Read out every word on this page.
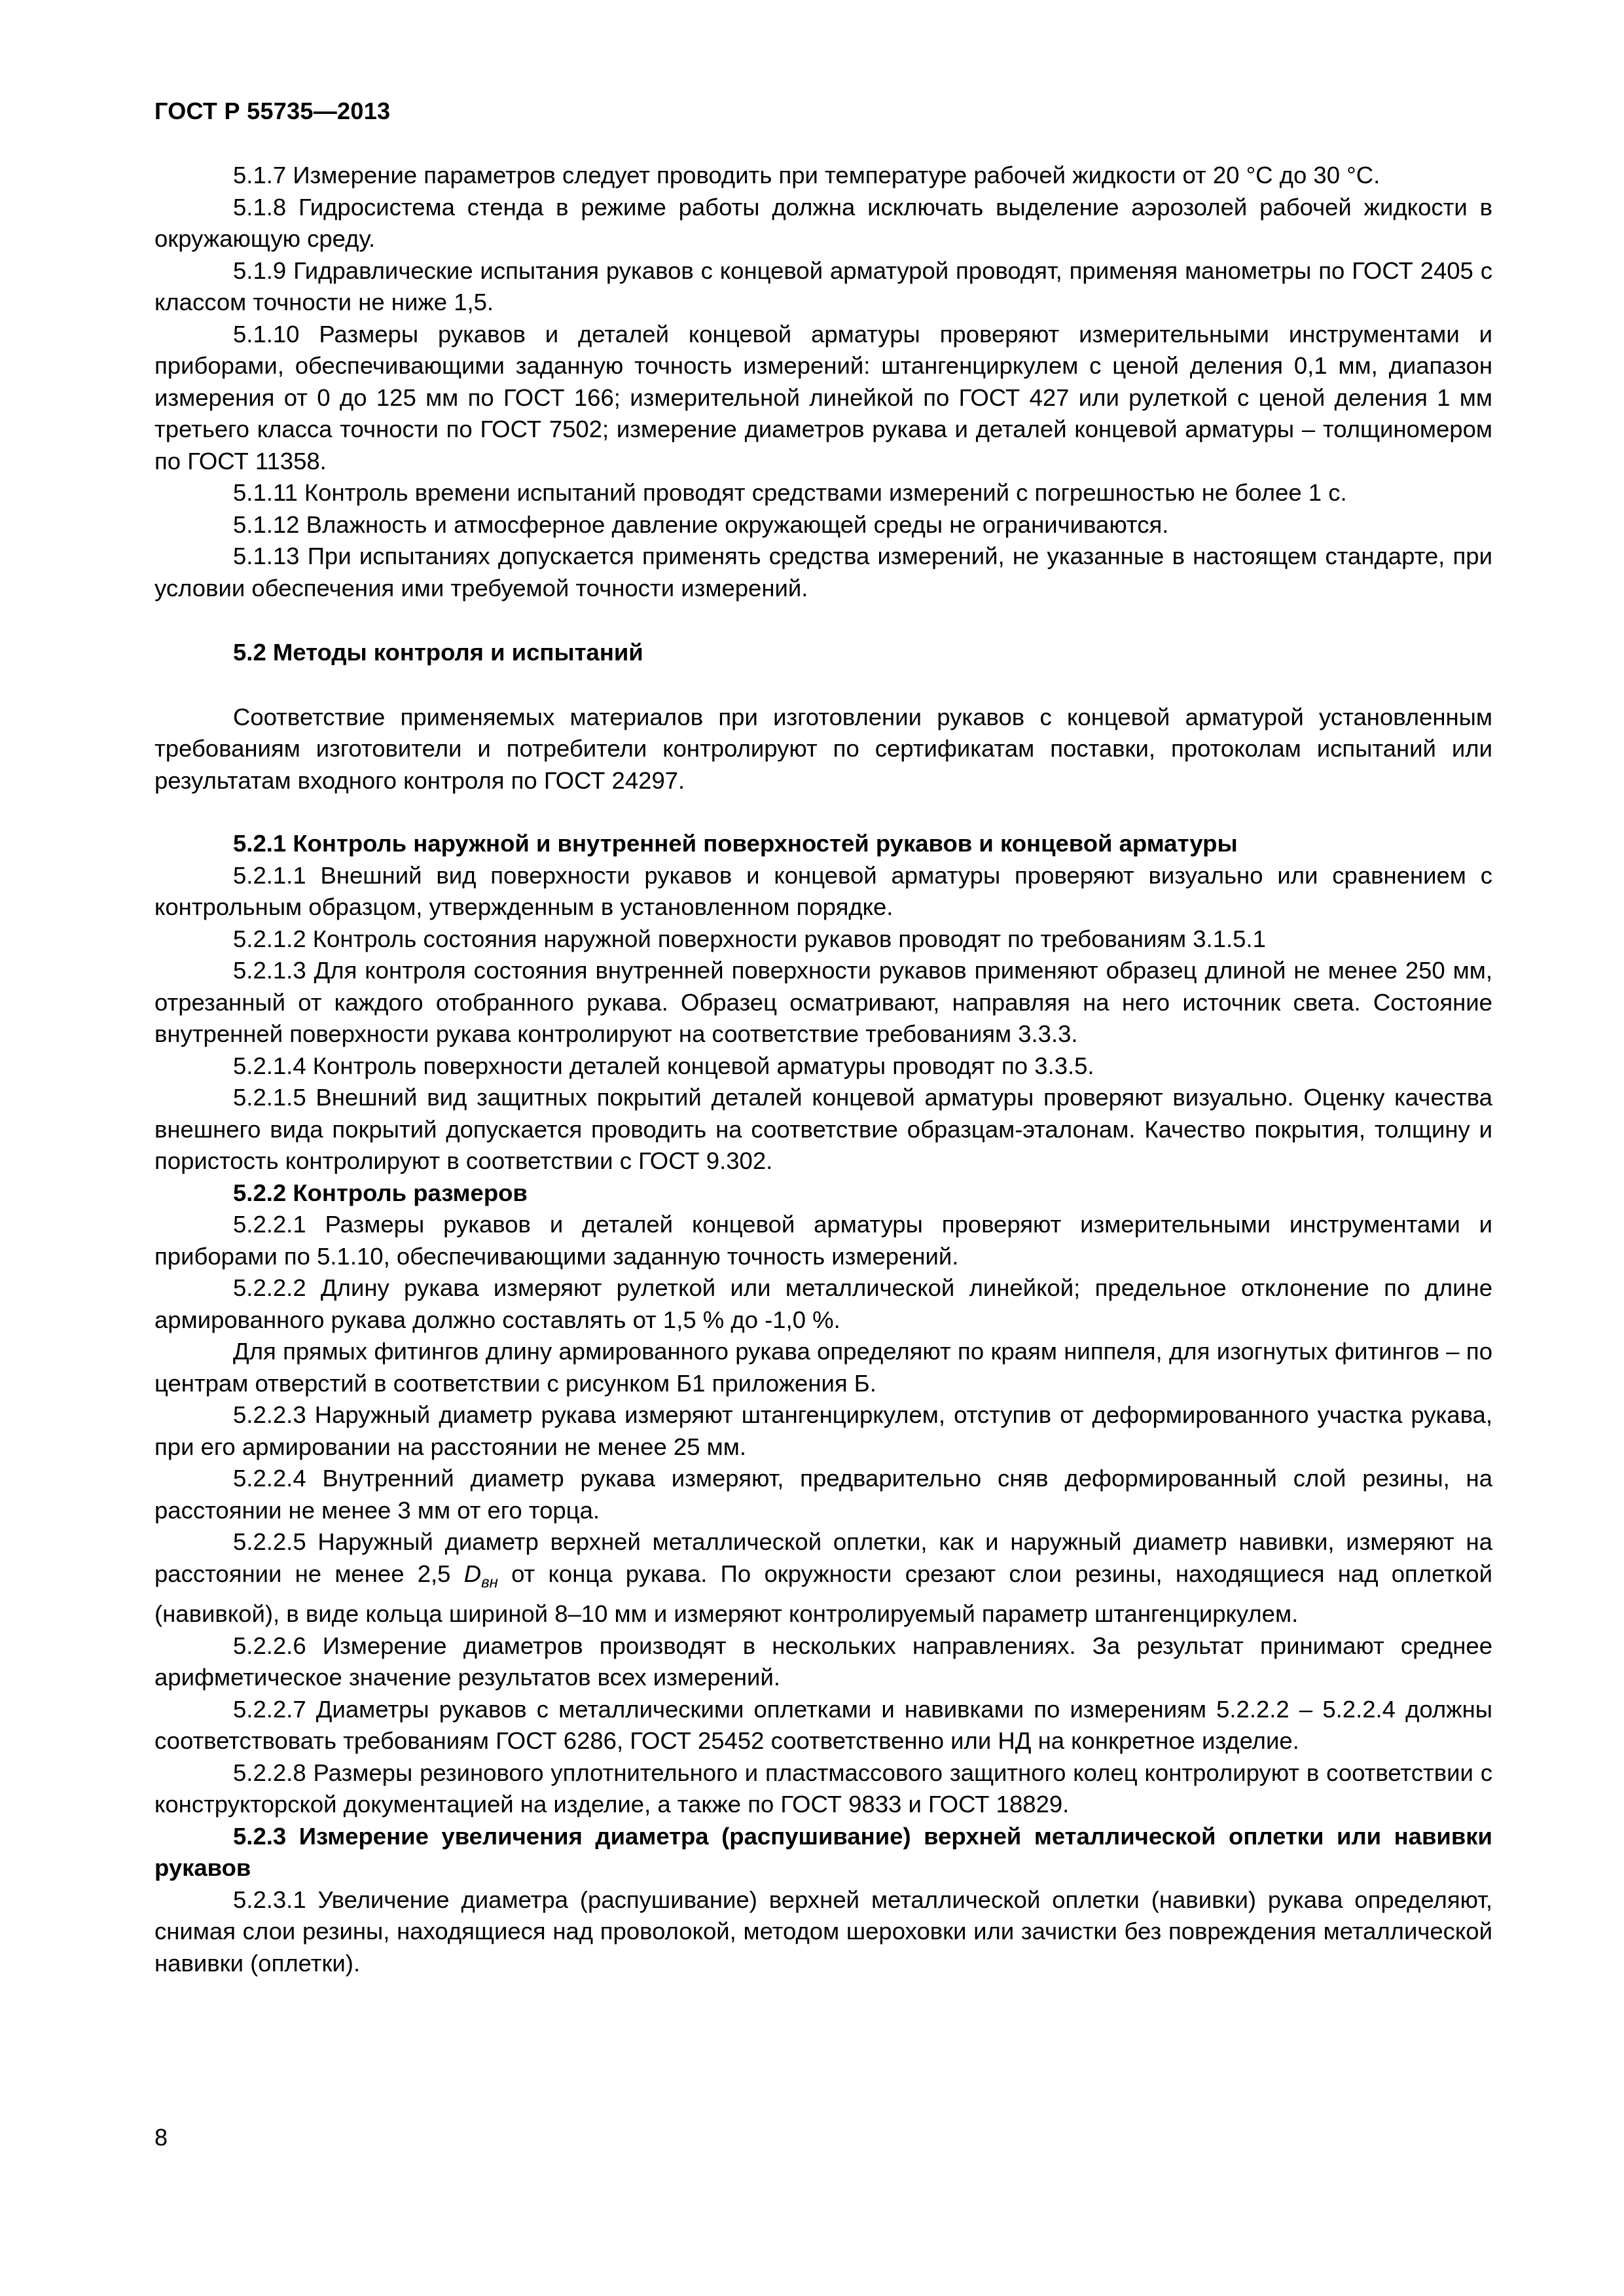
ГОСТ Р 55735—2013

5.1.7 Измерение параметров следует проводить при температуре рабочей жидкости от 20 °С до 30 °С.

5.1.8 Гидросистема стенда в режиме работы должна исключать выделение аэрозолей рабочей жидкости в окружающую среду.

5.1.9 Гидравлические испытания рукавов с концевой арматурой проводят, применяя манометры по ГОСТ 2405 с классом точности не ниже 1,5.

5.1.10 Размеры рукавов и деталей концевой арматуры проверяют измерительными инструментами и приборами, обеспечивающими заданную точность измерений: штангенциркулем с ценой деления 0,1 мм, диапазон измерения от 0 до 125 мм по ГОСТ 166; измерительной линейкой по ГОСТ 427 или рулеткой с ценой деления 1 мм третьего класса точности по ГОСТ 7502; измерение диаметров рукава и деталей концевой арматуры – толщиномером по ГОСТ 11358.

5.1.11 Контроль времени испытаний проводят средствами измерений с погрешностью не более 1 с.

5.1.12 Влажность и атмосферное давление окружающей среды не ограничиваются.

5.1.13 При испытаниях допускается применять средства измерений, не указанные в настоящем стандарте, при условии обеспечения ими требуемой точности измерений.

5.2 Методы контроля и испытаний

Соответствие применяемых материалов при изготовлении рукавов с концевой арматурой установленным требованиям изготовители и потребители контролируют по сертификатам поставки, протоколам испытаний или результатам входного контроля по ГОСТ 24297.

5.2.1 Контроль наружной и внутренней поверхностей рукавов и концевой арматуры

5.2.1.1 Внешний вид поверхности рукавов и концевой арматуры проверяют визуально или сравнением с контрольным образцом, утвержденным в установленном порядке.

5.2.1.2 Контроль состояния наружной поверхности рукавов проводят по требованиям 3.1.5.1

5.2.1.3 Для контроля состояния внутренней поверхности рукавов применяют образец длиной не менее 250 мм, отрезанный от каждого отобранного рукава. Образец осматривают, направляя на него источник света. Состояние внутренней поверхности рукава контролируют на соответствие требованиям 3.3.3.

5.2.1.4 Контроль поверхности деталей концевой арматуры проводят по 3.3.5.

5.2.1.5 Внешний вид защитных покрытий деталей концевой арматуры проверяют визуально. Оценку качества внешнего вида покрытий допускается проводить на соответствие образцам-эталонам. Качество покрытия, толщину и пористость контролируют в соответствии с ГОСТ 9.302.

5.2.2 Контроль размеров

5.2.2.1 Размеры рукавов и деталей концевой арматуры проверяют измерительными инструментами и приборами по 5.1.10, обеспечивающими заданную точность измерений.

5.2.2.2 Длину рукава измеряют рулеткой или металлической линейкой; предельное отклонение по длине армированного рукава должно составлять от 1,5 % до -1,0 %.

Для прямых фитингов длину армированного рукава определяют по краям ниппеля, для изогнутых фитингов – по центрам отверстий в соответствии с рисунком Б1 приложения Б.

5.2.2.3 Наружный диаметр рукава измеряют штангенциркулем, отступив от деформированного участка рукава, при его армировании на расстоянии не менее 25 мм.

5.2.2.4 Внутренний диаметр рукава измеряют, предварительно сняв деформированный слой резины, на расстоянии не менее 3 мм от его торца.

5.2.2.5 Наружный диаметр верхней металлической оплетки, как и наружный диаметр навивки, измеряют на расстоянии не менее 2,5 $D_{вн}$ от конца рукава. По окружности срезают слои резины, находящиеся над оплеткой (навивкой), в виде кольца шириной 8–10 мм и измеряют контролируемый параметр штангенциркулем.

5.2.2.6 Измерение диаметров производят в нескольких направлениях. За результат принимают среднее арифметическое значение результатов всех измерений.

5.2.2.7 Диаметры рукавов с металлическими оплетками и навивками по измерениям 5.2.2.2 – 5.2.2.4 должны соответствовать требованиям ГОСТ 6286, ГОСТ 25452 соответственно или НД на конкретное изделие.

5.2.2.8 Размеры резинового уплотнительного и пластмассового защитного колец контролируют в соответствии с конструкторской документацией на изделие, а также по ГОСТ 9833 и ГОСТ 18829.

5.2.3 Измерение увеличения диаметра (распушивание) верхней металлической оплетки или навивки рукавов

5.2.3.1 Увеличение диаметра (распушивание) верхней металлической оплетки (навивки) рукава определяют, снимая слои резины, находящиеся над проволокой, методом шероховки или зачистки без повреждения металлической навивки (оплетки).

8
